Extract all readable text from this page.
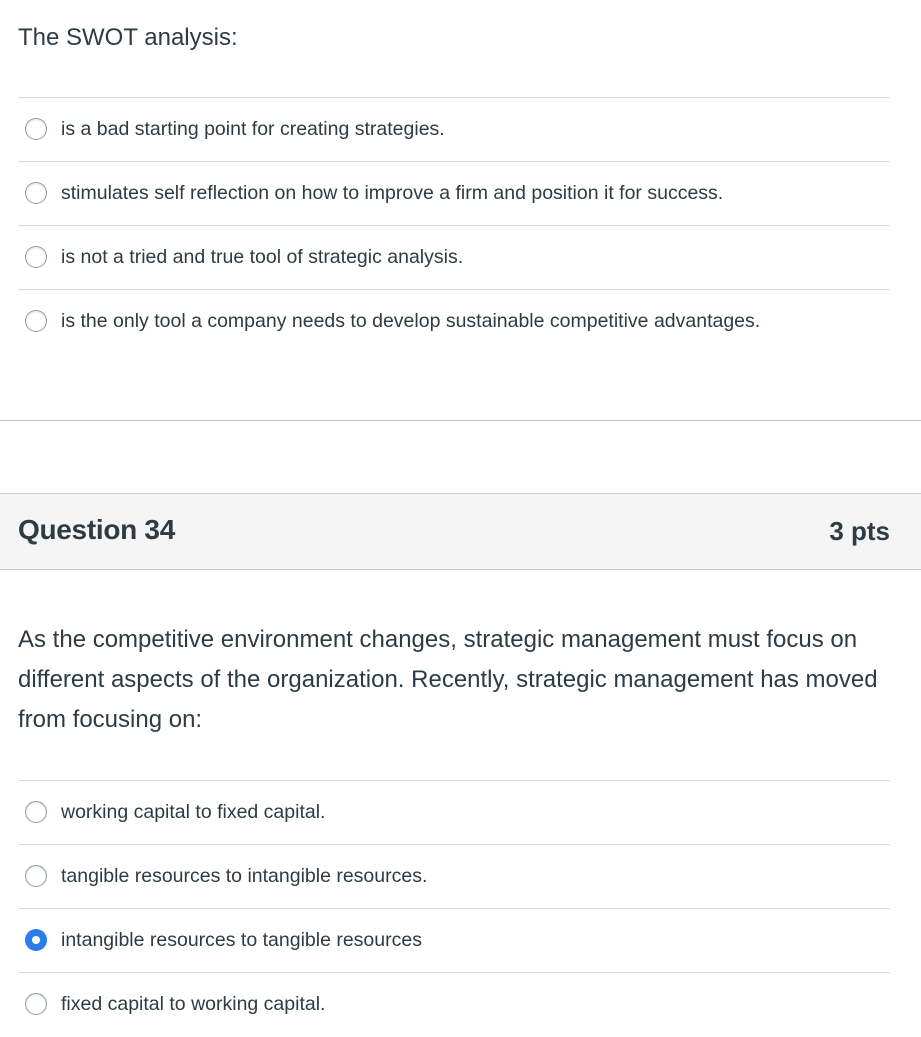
The SWOT analysis:

is a bad starting point for creating strategies.
stimulates self reflection on how to improve a firm and position it for success.
is not a tried and true tool of strategic analysis.
is the only tool a company needs to develop sustainable competitive advantages.
Question 34	3 pts

As the competitive environment changes, strategic management must focus on different aspects of the organization. Recently, strategic management has moved from focusing on:

working capital to fixed capital.
tangible resources to intangible resources.
intangible resources to tangible resources
fixed capital to working capital.
